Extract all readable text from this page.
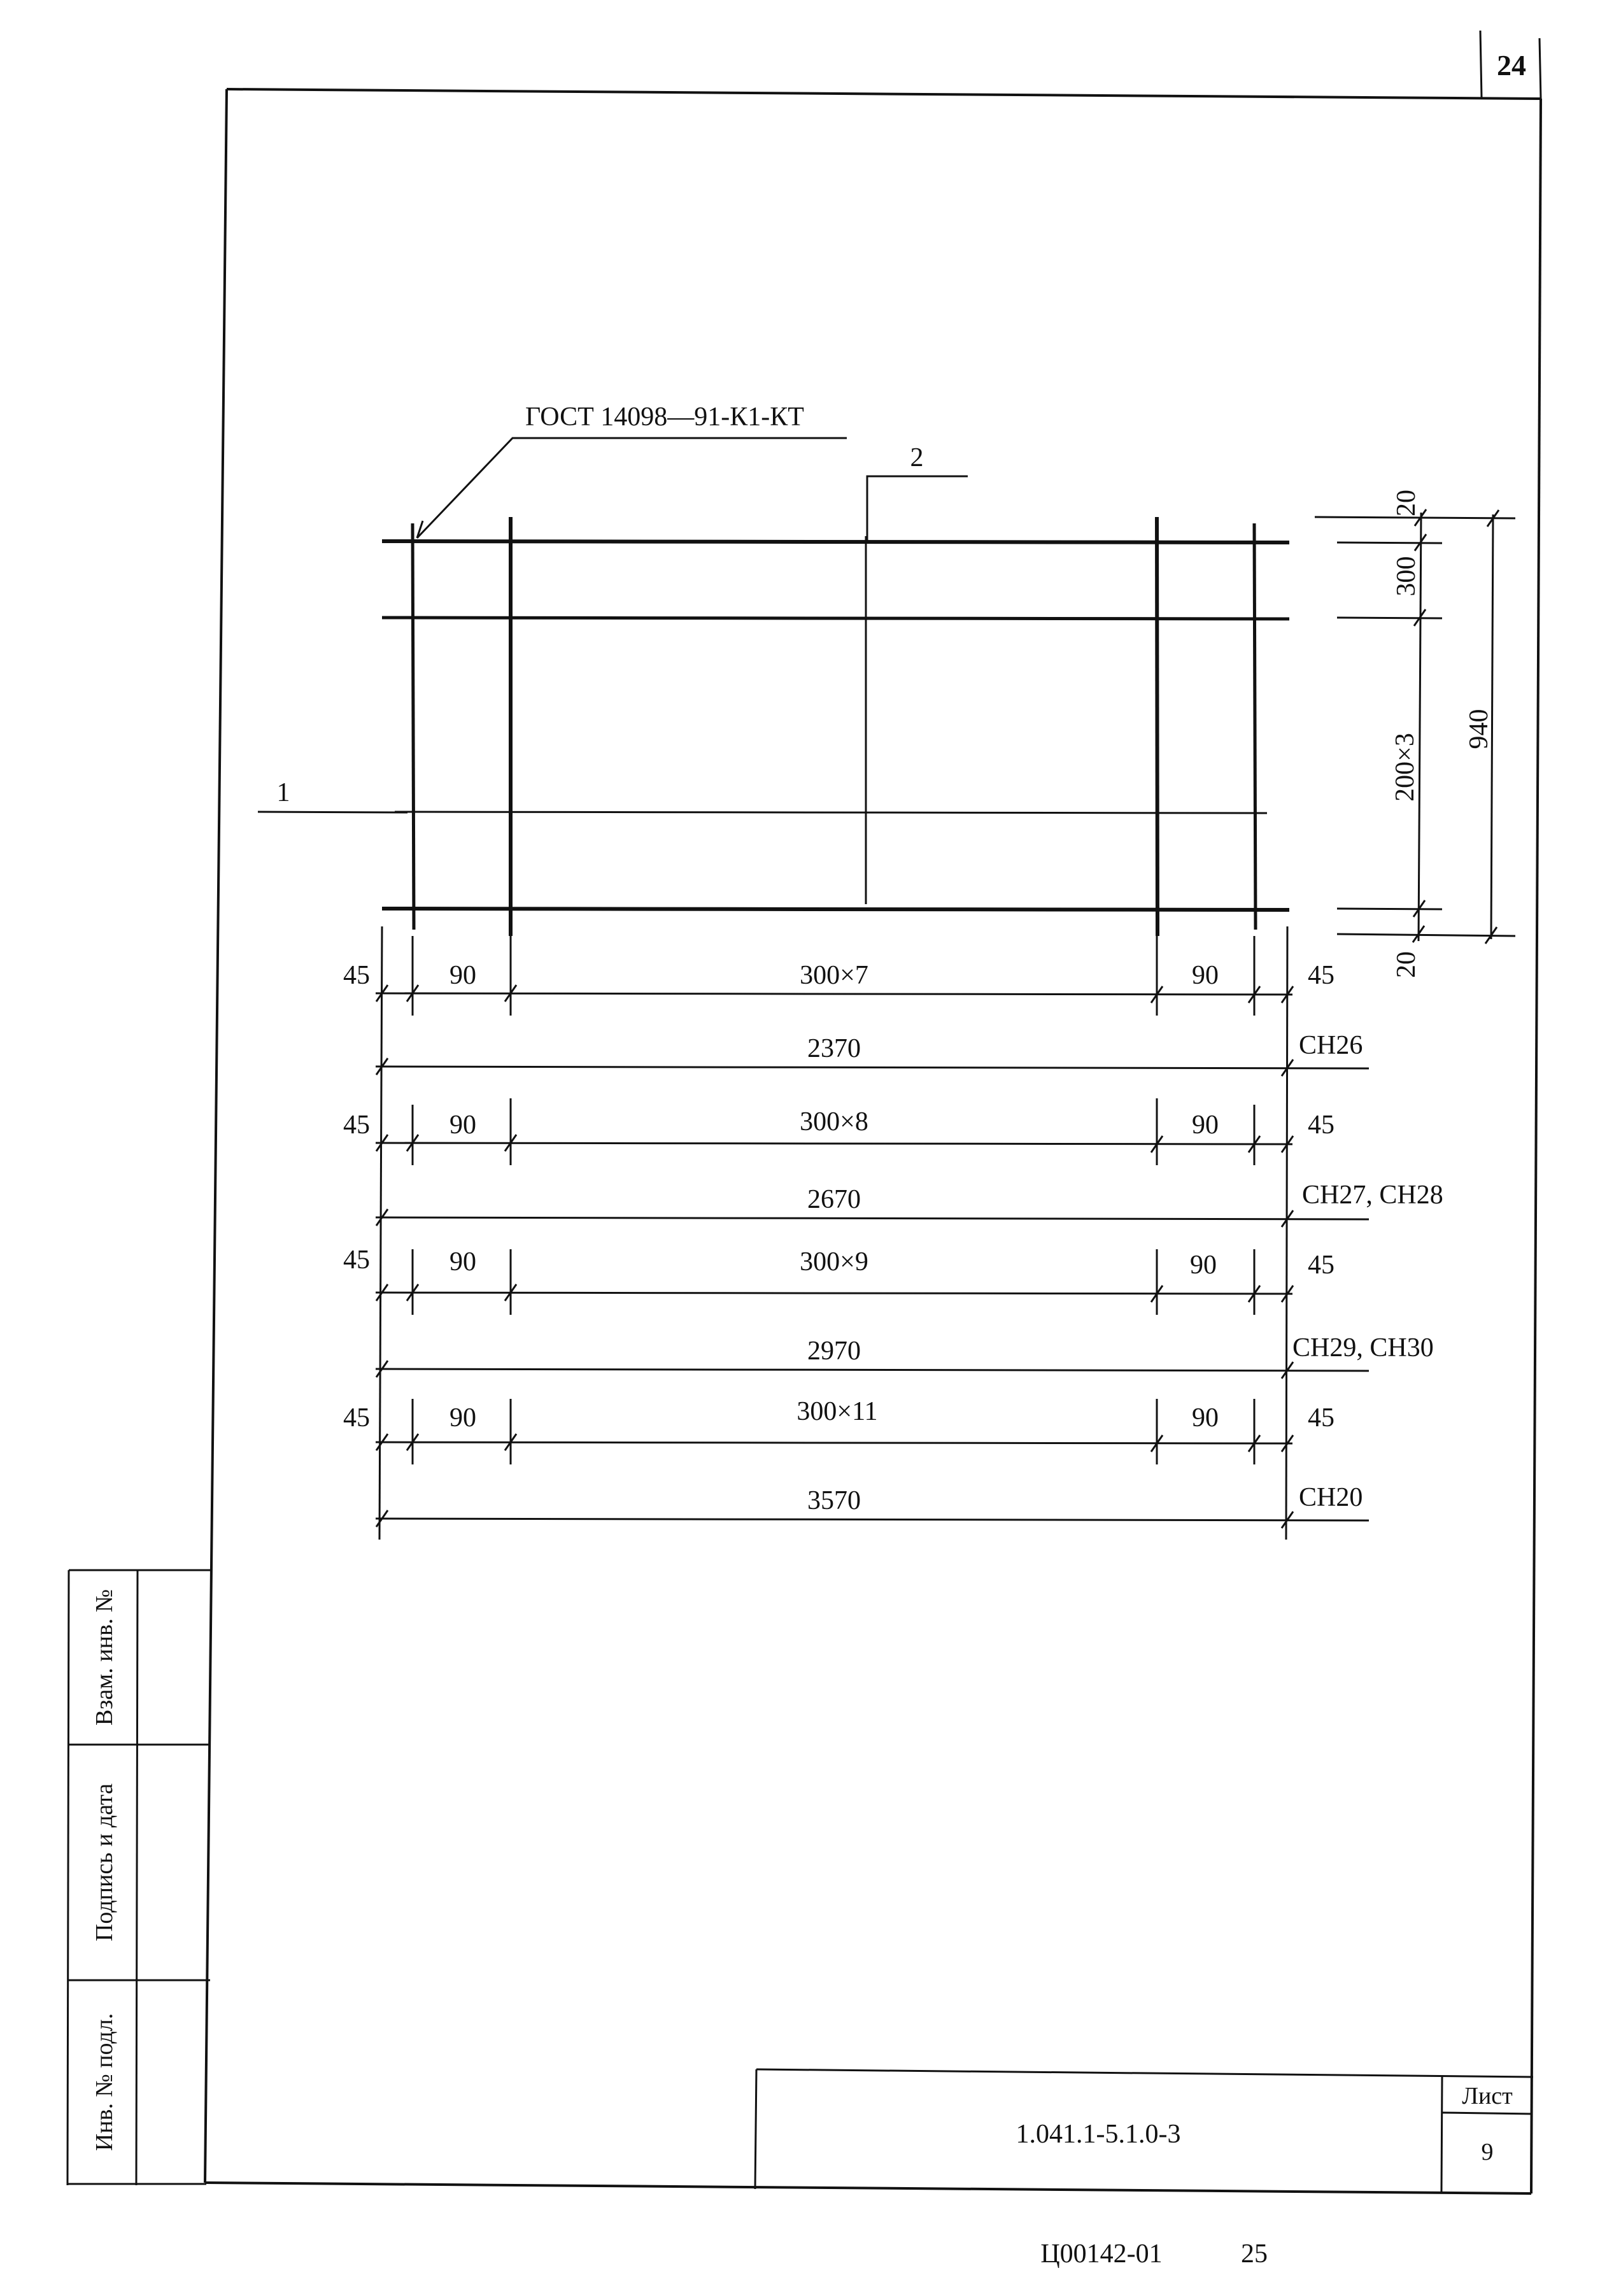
24
Взам. инв. №
Подпись и дата
Инв. № подл.	1.041.1-5.1.0-3
Лист
9
Ц00142-01	25
ГОСТ 14098—91-К1-КТ
2
1
20
300
200×3
20
940
45	90	300×7	90	45
2370	СН26
45	90	300×8	90	45
2670	СН27, СН28
45	90	300×9	90	45
2970	СН29, СН30
45	90	300×11	90	45
3570	СН20
